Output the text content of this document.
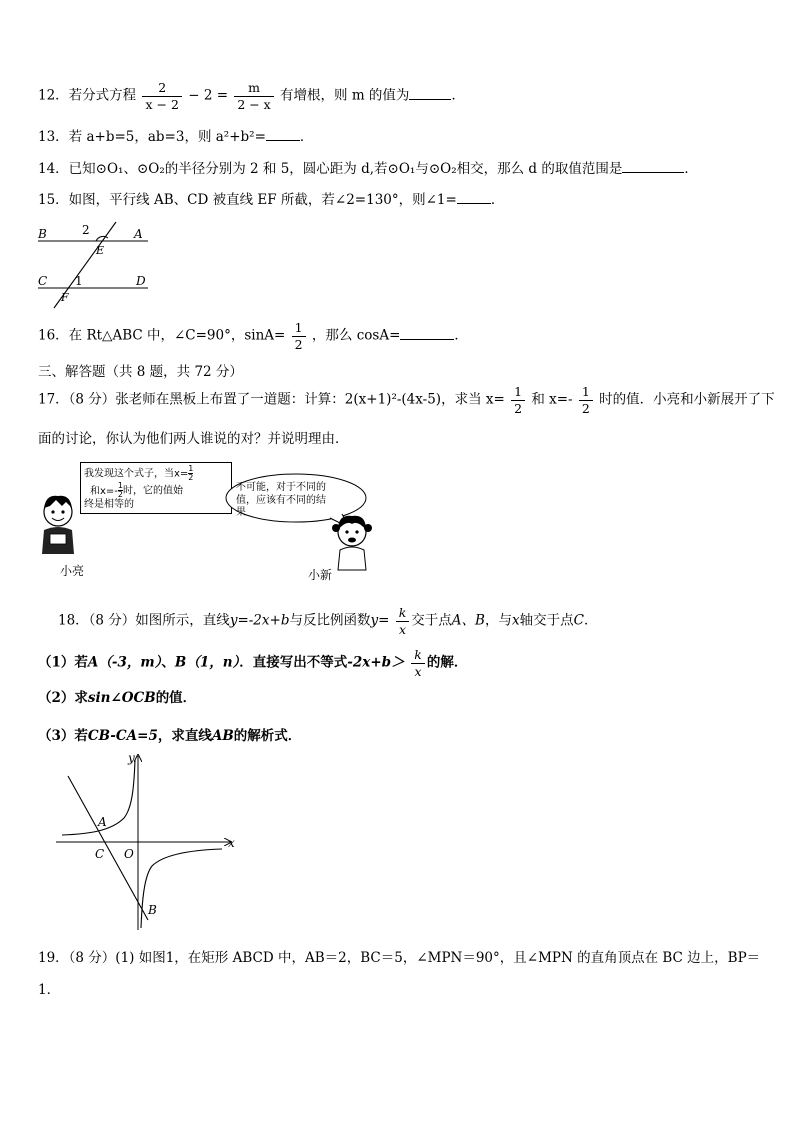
12．若分式方程 $\frac{2}{x - 2} - 2 = \frac{m}{2 - x}$ 有增根，则 m 的值为	．
13．若 a+b=5，ab=3，则 a²+b²=	．
14．已知⊙O₁、⊙O₂的半径分别为 2 和 5，圆心距为 d,若⊙O₁与⊙O₂相交，那么 d 的取值范围是	．
15．如图，平行线 AB、CD 被直线 EF 所截，若∠2=130°，则∠1=	．
B	A
2
E
C 1	D
F
16．在 Rt△ABC 中，∠C=90°，$\sin A= \frac{1}{2}$ ，那么 cosA=	．
三、解答题（共 8 题，共 72 分）
17．（8 分）张老师在黑板上布置了一道题：计算：2(x+1)²-(4x-5)，求当 $x= \frac{1}{2}$ 和 $x=- \frac{1}{2}$ 时的值．小亮和小新展开了下
面的讨论，你认为他们两人谁说的对？并说明理由．
我发现这个式子，当$x= \frac{1}{2}$

和$x=- \frac{1}{2}$ 时，它的值始
终是相等的
不可能，对于不同的
值，应该有不同的结
果
小亮	小新
18．（8 分）如图所示，直线y=-2x+b与反比例函数$y= \frac{k}{x}$ 交于点A、B，与x轴交于点C．
（1）若A（-3，m）、B（1，n）．直接写出不等式$-2x+b> \frac{k}{x}$ 的解．
（2）求sin∠OCB的值．
（3）若CB-CA=5，求直线AB的解析式．
x
y
A
C O
B
19．（8 分）(1) 如图1，在矩形 ABCD 中，AB＝2，BC＝5，∠MPN＝90°，且∠MPN 的直角顶点在 BC 边上，BP＝
1．
